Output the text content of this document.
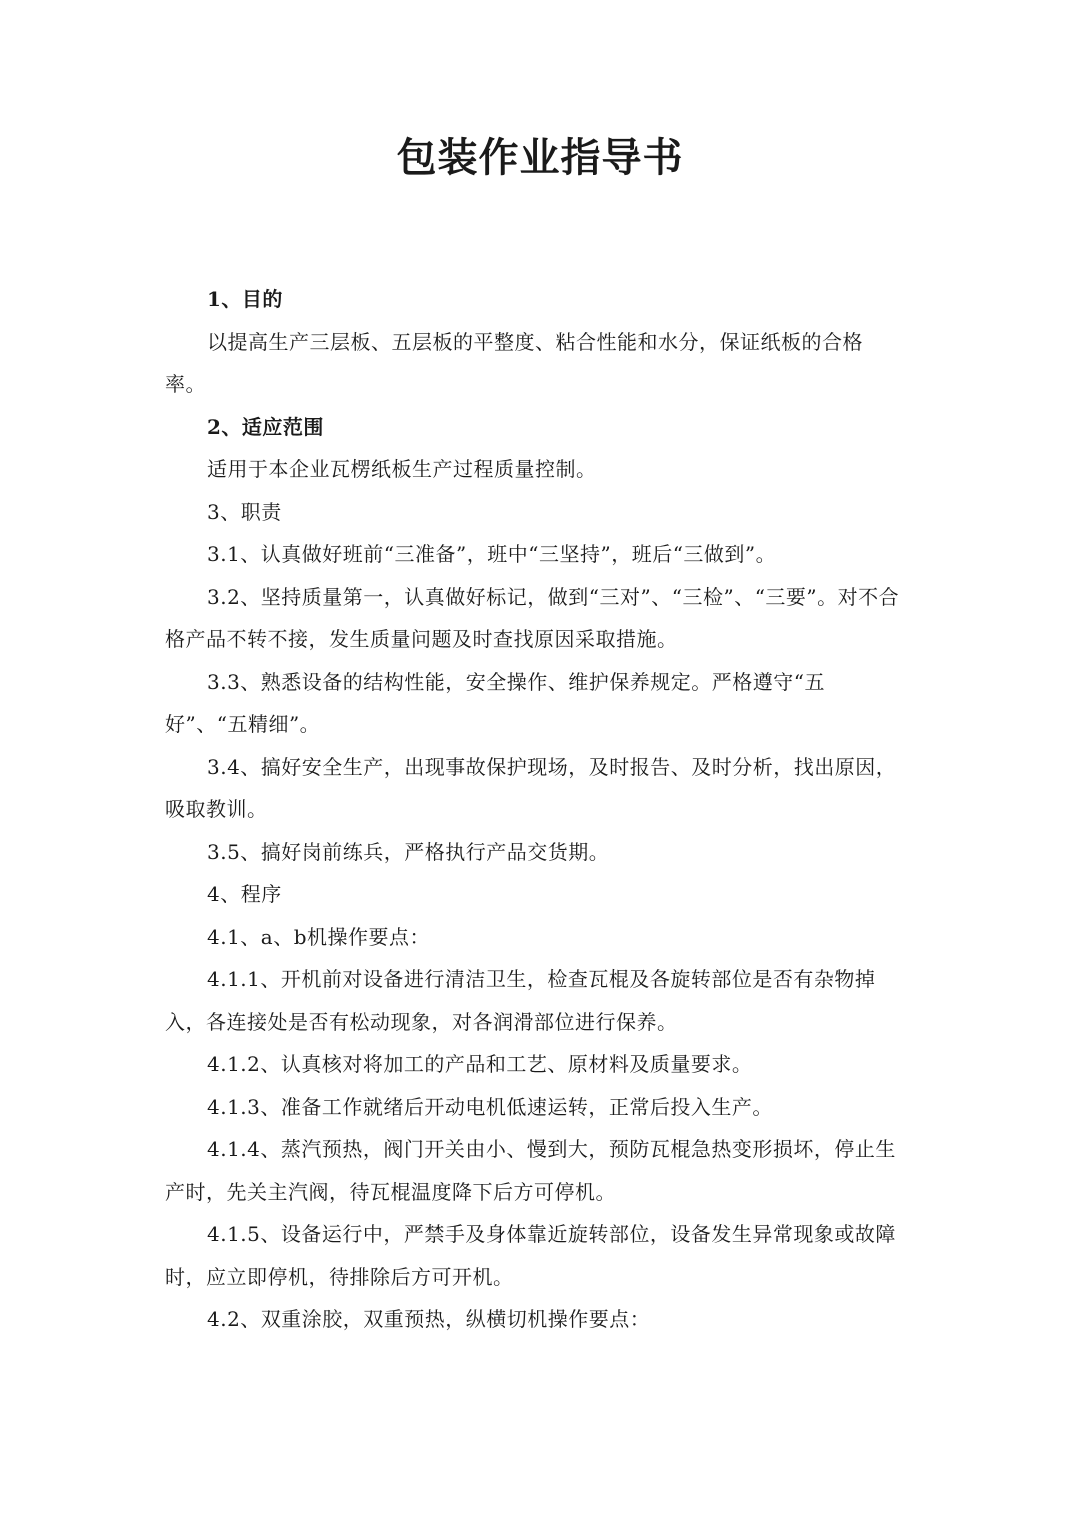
包装作业指导书

1、目的

以提高生产三层板、五层板的平整度、粘合性能和水分，保证纸板的合格率。

2、适应范围

适用于本企业瓦楞纸板生产过程质量控制。

3、职责

3.1、认真做好班前“三准备”，班中“三坚持”，班后“三做到”。

3.2、坚持质量第一，认真做好标记，做到“三对”、“三检”、“三要”。对不合格产品不转不接，发生质量问题及时查找原因采取措施。

3.3、熟悉设备的结构性能，安全操作、维护保养规定。严格遵守“五好”、“五精细”。

3.4、搞好安全生产，出现事故保护现场，及时报告、及时分析，找出原因，吸取教训。

3.5、搞好岗前练兵，严格执行产品交货期。

4、程序

4.1、a、b机操作要点：

4.1.1、开机前对设备进行清洁卫生，检查瓦棍及各旋转部位是否有杂物掉入，各连接处是否有松动现象，对各润滑部位进行保养。

4.1.2、认真核对将加工的产品和工艺、原材料及质量要求。

4.1.3、准备工作就绪后开动电机低速运转，正常后投入生产。

4.1.4、蒸汽预热，阀门开关由小、慢到大，预防瓦棍急热变形损坏，停止生产时，先关主汽阀，待瓦棍温度降下后方可停机。

4.1.5、设备运行中，严禁手及身体靠近旋转部位，设备发生异常现象或故障时，应立即停机，待排除后方可开机。

4.2、双重涂胶，双重预热，纵横切机操作要点：
